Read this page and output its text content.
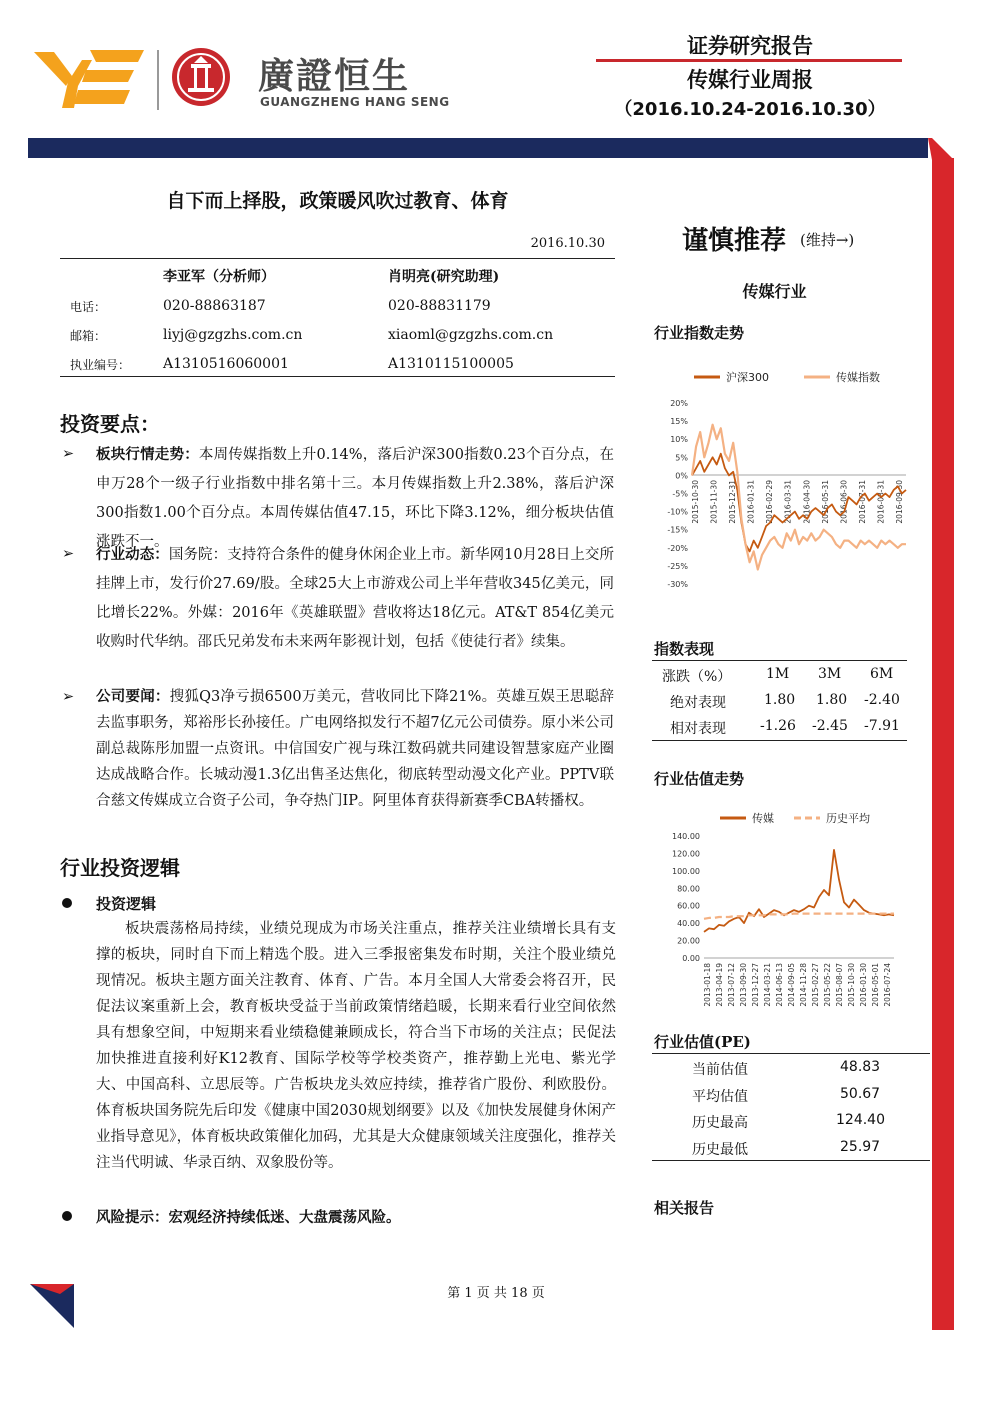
廣證恒生
GUANGZHENG HANG SENG
证券研究报告
传媒行业周报
（2016.10.24-2016.10.30）
自下而上择股，政策暖风吹过教育、体育
2016.10.30
李亚军（分析师）	肖明亮(研究助理)
电话：	020-88863187	020-88831179
邮箱：	liyj@gzgzhs.com.cn	xiaoml@gzgzhs.com.cn
执业编号： A1310516060001	A1310115100005
投资要点：
➢ 板块行情走势：本周传媒指数上升0.14%，落后沪深300指数0.23个百分点，在申万28个一级子行业指数中排名第十三。本月传媒指数上升2.38%，落后沪深300指数1.00个百分点。本周传媒估值47.15，环比下降3.12%，细分板块估值涨跌不一。
➢ 行业动态：国务院：支持符合条件的健身休闲企业上市。新华网10月28日上交所挂牌上市，发行价27.69/股。全球25大上市游戏公司上半年营收345亿美元，同比增长22%。外媒：2016年《英雄联盟》营收将达18亿元。AT&T 854亿美元收购时代华纳。邵氏兄弟发布未来两年影视计划，包括《使徒行者》续集。
➢ 公司要闻：搜狐Q3净亏损6500万美元，营收同比下降21%。英雄互娱王思聪辞去监事职务，郑裕彤长孙接任。广电网络拟发行不超7亿元公司债券。原小米公司副总裁陈彤加盟一点资讯。中信国安广视与珠江数码就共同建设智慧家庭产业圈达成战略合作。长城动漫1.3亿出售圣达焦化，彻底转型动漫文化产业。PPTV联合慈文传媒成立合资子公司，争夺热门IP。阿里体育获得新赛季CBA转播权。
行业投资逻辑
投资逻辑
板块震荡格局持续，业绩兑现成为市场关注重点，推荐关注业绩增长具有支撑的板块，同时自下而上精选个股。进入三季报密集发布时期，关注个股业绩兑现情况。板块主题方面关注教育、体育、广告。本月全国人大常委会将召开，民促法议案重新上会，教育板块受益于当前政策情绪趋暖，长期来看行业空间依然具有想象空间，中短期来看业绩稳健兼顾成长，符合当下市场的关注点；民促法加快推进直接利好K12教育、国际学校等学校类资产，推荐勤上光电、紫光学大、中国高科、立思辰等。广告板块龙头效应持续，推荐省广股份、利欧股份。体育板块国务院先后印发《健康中国2030规划纲要》以及《加快发展健身休闲产业指导意见》，体育板块政策催化加码，尤其是大众健康领域关注度强化，推荐关注当代明诚、华录百纳、双象股份等。
风险提示：宏观经济持续低迷、大盘震荡风险。
谨慎推荐 (维持→)
传媒行业
行业指数走势
沪深300	传媒指数
20%
15%
10%
5%
0%
-5%
-10%
-15%
-20%
-25%
-30%
2015-10-30 2015-11-30 2015-12-31 2016-01-31 2016-02-29 2016-03-31 2016-04-30 2016-05-31 2016-06-30 2016-07-31 2016-08-31 2016-09-30
指数表现
涨跌（%） 1M 3M 6M
绝对表现	1.80 1.80 -2.40
相对表现 -1.26 -2.45 -7.91
行业估值走势
传媒	历史平均
140.00
120.00
100.00
80.00
60.00
40.00
20.00
0.00
2013-01-18 2013-04-19 2013-07-12 2013-09-30 2013-12-27 2014-03-21 2014-06-13 2014-09-05 2014-11-28 2015-02-27 2015-05-22 2015-08-07 2015-10-30 2016-01-30 2016-05-01 2016-07-24
行业估值(PE)
当前估值	48.83
平均估值	50.67
历史最高	124.40
历史最低	25.97
相关报告
第 1 页 共 18 页
